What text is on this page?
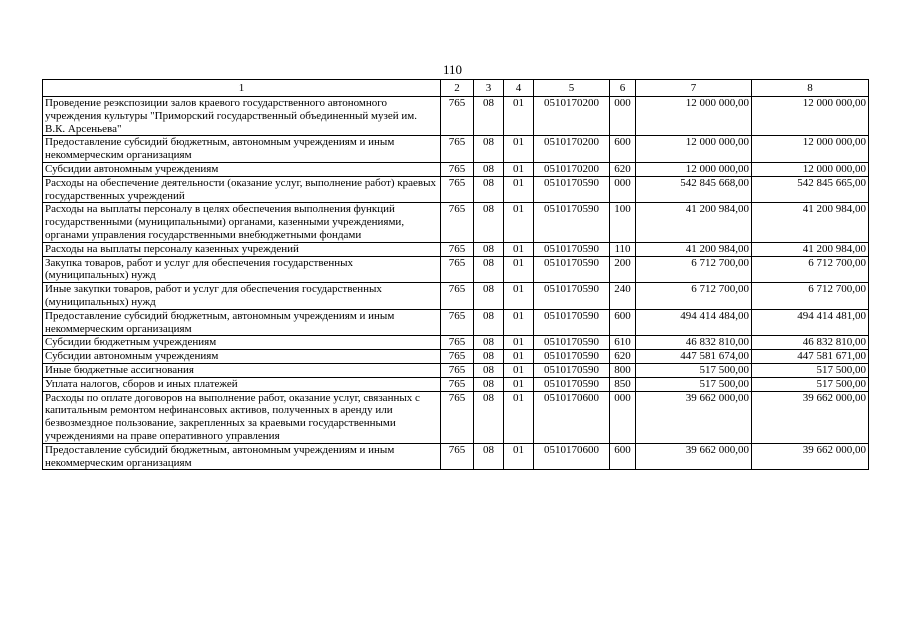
110
1	2	3	4	5	6	7	8
Проведение реэкспозиции залов краевого государственного автономного учреждения культуры "Приморский государственный объединенный музей им. В.К. Арсеньева"	765	08	01	0510170200	000	12 000 000,00	12 000 000,00
Предоставление субсидий бюджетным, автономным учреждениям и иным некоммерческим организациям	765	08	01	0510170200	600	12 000 000,00	12 000 000,00
Субсидии автономным учреждениям	765	08	01	0510170200	620	12 000 000,00	12 000 000,00
Расходы на обеспечение деятельности (оказание услуг, выполнение работ) краевых государственных учреждений	765	08	01	0510170590	000	542 845 668,00	542 845 665,00
Расходы на выплаты персоналу в целях обеспечения выполнения функций государственными (муниципальными) органами, казенными учреждениями, органами управления государственными внебюджетными фондами	765	08	01	0510170590	100	41 200 984,00	41 200 984,00
Расходы на выплаты персоналу казенных учреждений	765	08	01	0510170590	110	41 200 984,00	41 200 984,00
Закупка товаров, работ и услуг для обеспечения государственных (муниципальных) нужд	765	08	01	0510170590	200	6 712 700,00	6 712 700,00
Иные закупки товаров, работ и услуг для обеспечения государственных (муниципальных) нужд	765	08	01	0510170590	240	6 712 700,00	6 712 700,00
Предоставление субсидий бюджетным, автономным учреждениям и иным некоммерческим организациям	765	08	01	0510170590	600	494 414 484,00	494 414 481,00
Субсидии бюджетным учреждениям	765	08	01	0510170590	610	46 832 810,00	46 832 810,00
Субсидии автономным учреждениям	765	08	01	0510170590	620	447 581 674,00	447 581 671,00
Иные бюджетные ассигнования	765	08	01	0510170590	800	517 500,00	517 500,00
Уплата налогов, сборов и иных платежей	765	08	01	0510170590	850	517 500,00	517 500,00
Расходы по оплате договоров на выполнение работ, оказание услуг, связанных с капитальным ремонтом нефинансовых активов, полученных в аренду или безвозмездное пользование, закрепленных за краевыми государственными учреждениями на праве оперативного управления	765	08	01	0510170600	000	39 662 000,00	39 662 000,00
Предоставление субсидий бюджетным, автономным учреждениям и иным некоммерческим организациям	765	08	01	0510170600	600	39 662 000,00	39 662 000,00
